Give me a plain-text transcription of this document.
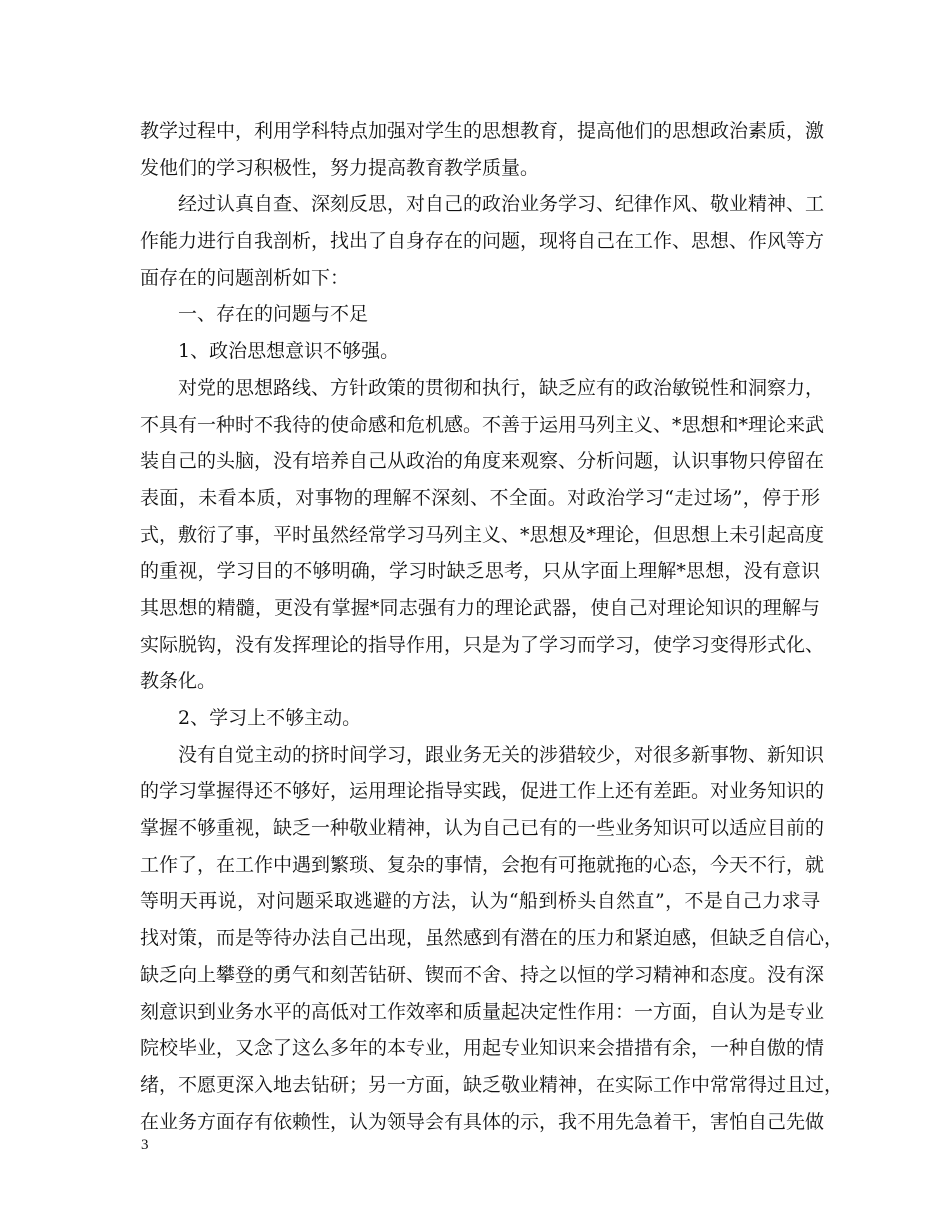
教学过程中，利用学科特点加强对学生的思想教育，提高他们的思想政治素质，激
发他们的学习积极性，努力提高教育教学质量。
经过认真自查、深刻反思，对自己的政治业务学习、纪律作风、敬业精神、工
作能力进行自我剖析，找出了自身存在的问题，现将自己在工作、思想、作风等方
面存在的问题剖析如下：
一、存在的问题与不足
1、政治思想意识不够强。
对党的思想路线、方针政策的贯彻和执行，缺乏应有的政治敏锐性和洞察力，
不具有一种时不我待的使命感和危机感。不善于运用马列主义、*思想和*理论来武
装自己的头脑，没有培养自己从政治的角度来观察、分析问题，认识事物只停留在
表面，未看本质，对事物的理解不深刻、不全面。对政治学习“走过场”，停于形
式，敷衍了事，平时虽然经常学习马列主义、*思想及*理论，但思想上未引起高度
的重视，学习目的不够明确，学习时缺乏思考，只从字面上理解*思想，没有意识
其思想的精髓，更没有掌握*同志强有力的理论武器，使自己对理论知识的理解与
实际脱钩，没有发挥理论的指导作用，只是为了学习而学习，使学习变得形式化、
教条化。
2、学习上不够主动。
没有自觉主动的挤时间学习，跟业务无关的涉猎较少，对很多新事物、新知识
的学习掌握得还不够好，运用理论指导实践，促进工作上还有差距。对业务知识的
掌握不够重视，缺乏一种敬业精神，认为自己已有的一些业务知识可以适应目前的
工作了，在工作中遇到繁琐、复杂的事情，会抱有可拖就拖的心态，今天不行，就
等明天再说，对问题采取逃避的方法，认为“船到桥头自然直”，不是自己力求寻
找对策，而是等待办法自己出现，虽然感到有潜在的压力和紧迫感，但缺乏自信心，
缺乏向上攀登的勇气和刻苦钻研、锲而不舍、持之以恒的学习精神和态度。没有深
刻意识到业务水平的高低对工作效率和质量起决定性作用：一方面，自认为是专业
院校毕业，又念了这么多年的本专业，用起专业知识来会措措有余，一种自傲的情
绪，不愿更深入地去钻研；另一方面，缺乏敬业精神，在实际工作中常常得过且过，
在业务方面存有依赖性，认为领导会有具体的示，我不用先急着干，害怕自己先做
3
